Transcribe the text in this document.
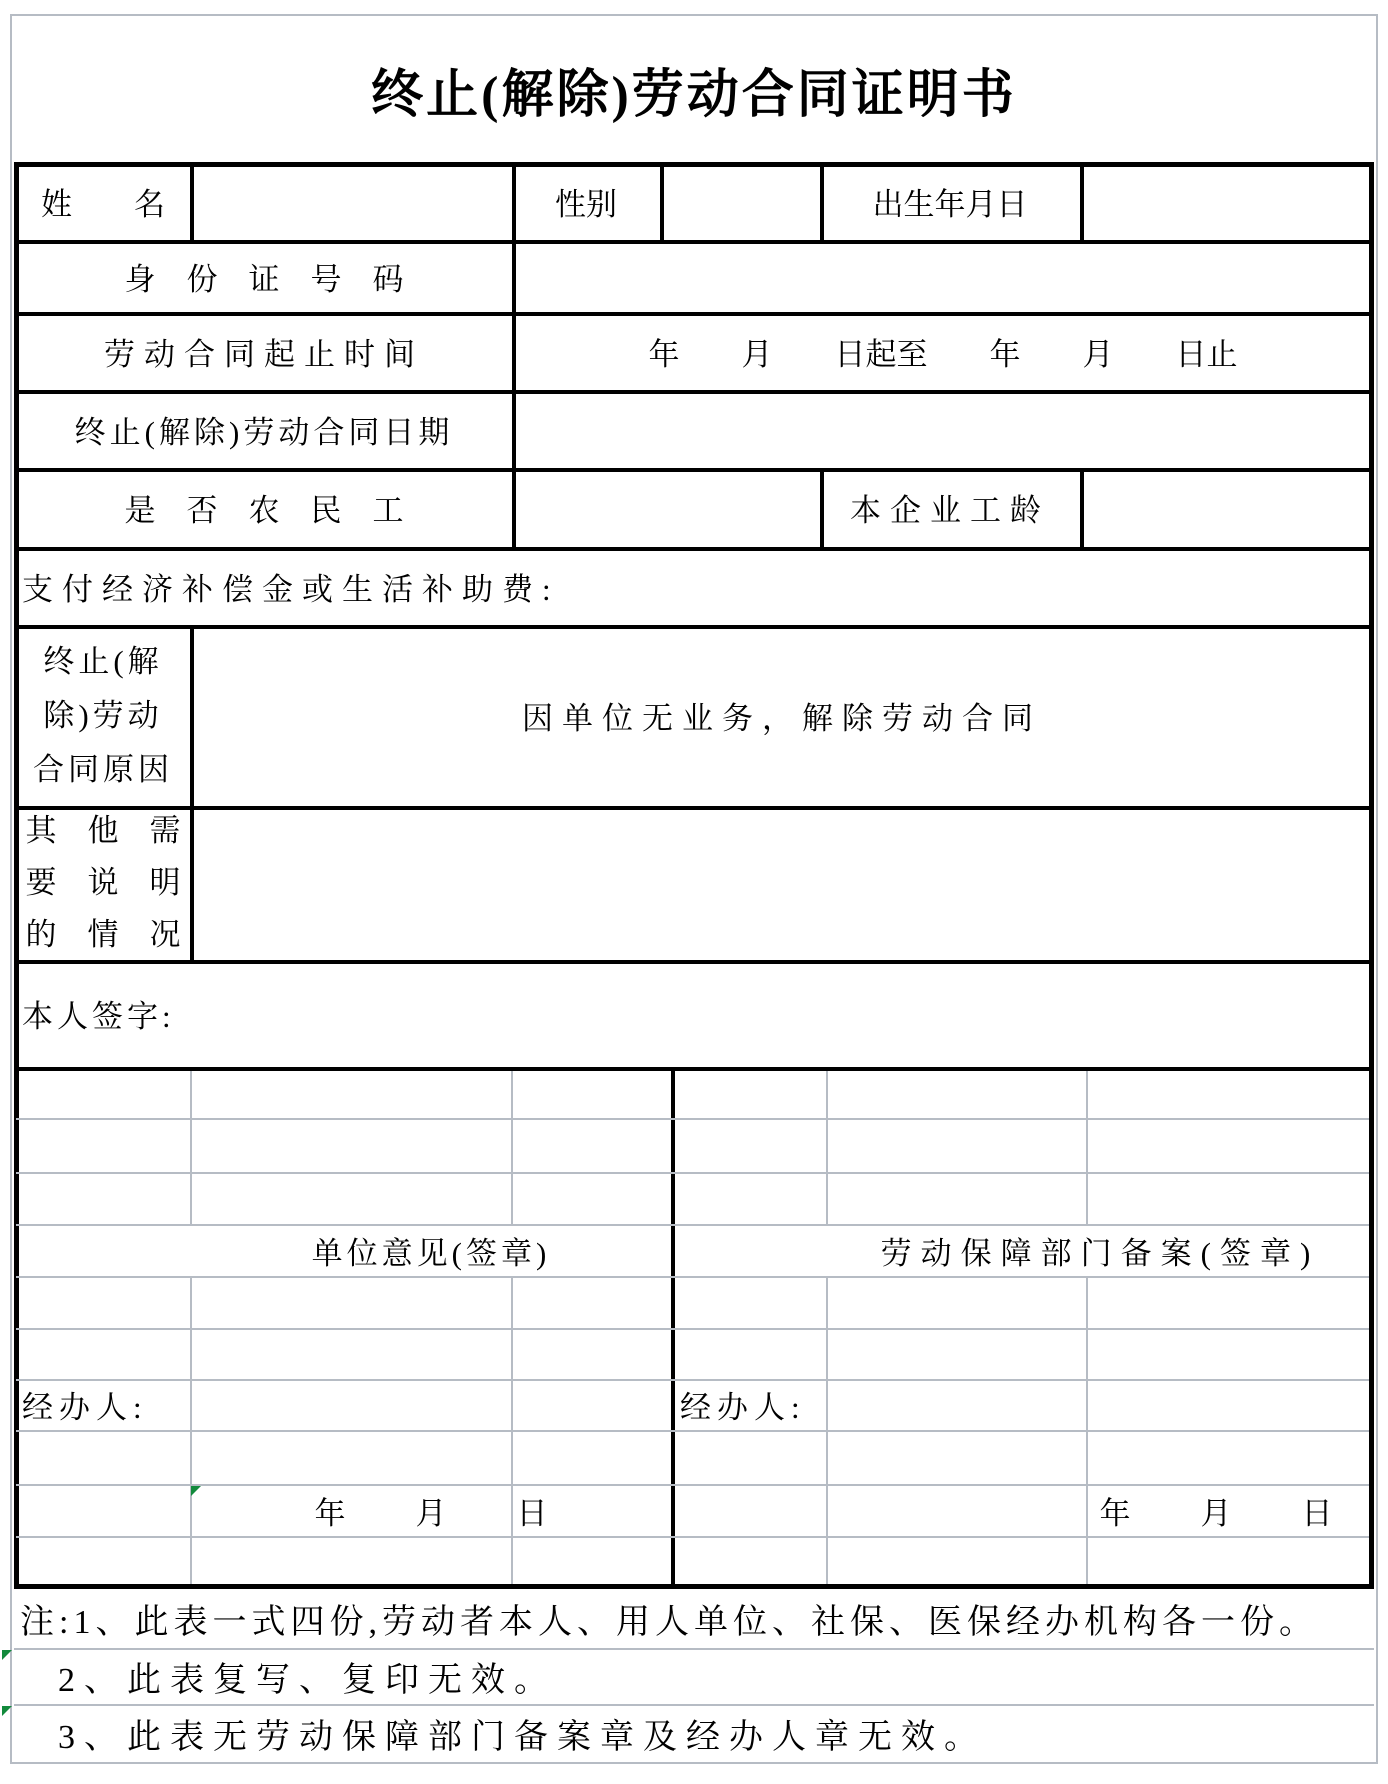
终止(解除)劳动合同证明书
姓　　名	性别	出生年月日
身　份　证　号　码
劳动合同起止时间	年　　月　　日起至　　年　　月　　日止
终止(解除)劳动合同日期
是　否　农　民　工	本企业工龄
支付经济补偿金或生活补助费:
终止(解
除)劳动
合同原因
因单位无业务，解除劳动合同
其　他　需
要　说　明
的　情　况
本人签字:
单位意见(签章)	劳动保障部门备案(签章)
经办人:	经办人:
年 月 日	年 月 日
注:1、此表一式四份,劳动者本人、用人单位、社保、医保经办机构各一份。
2、此表复写、复印无效。
3、此表无劳动保障部门备案章及经办人章无效。
